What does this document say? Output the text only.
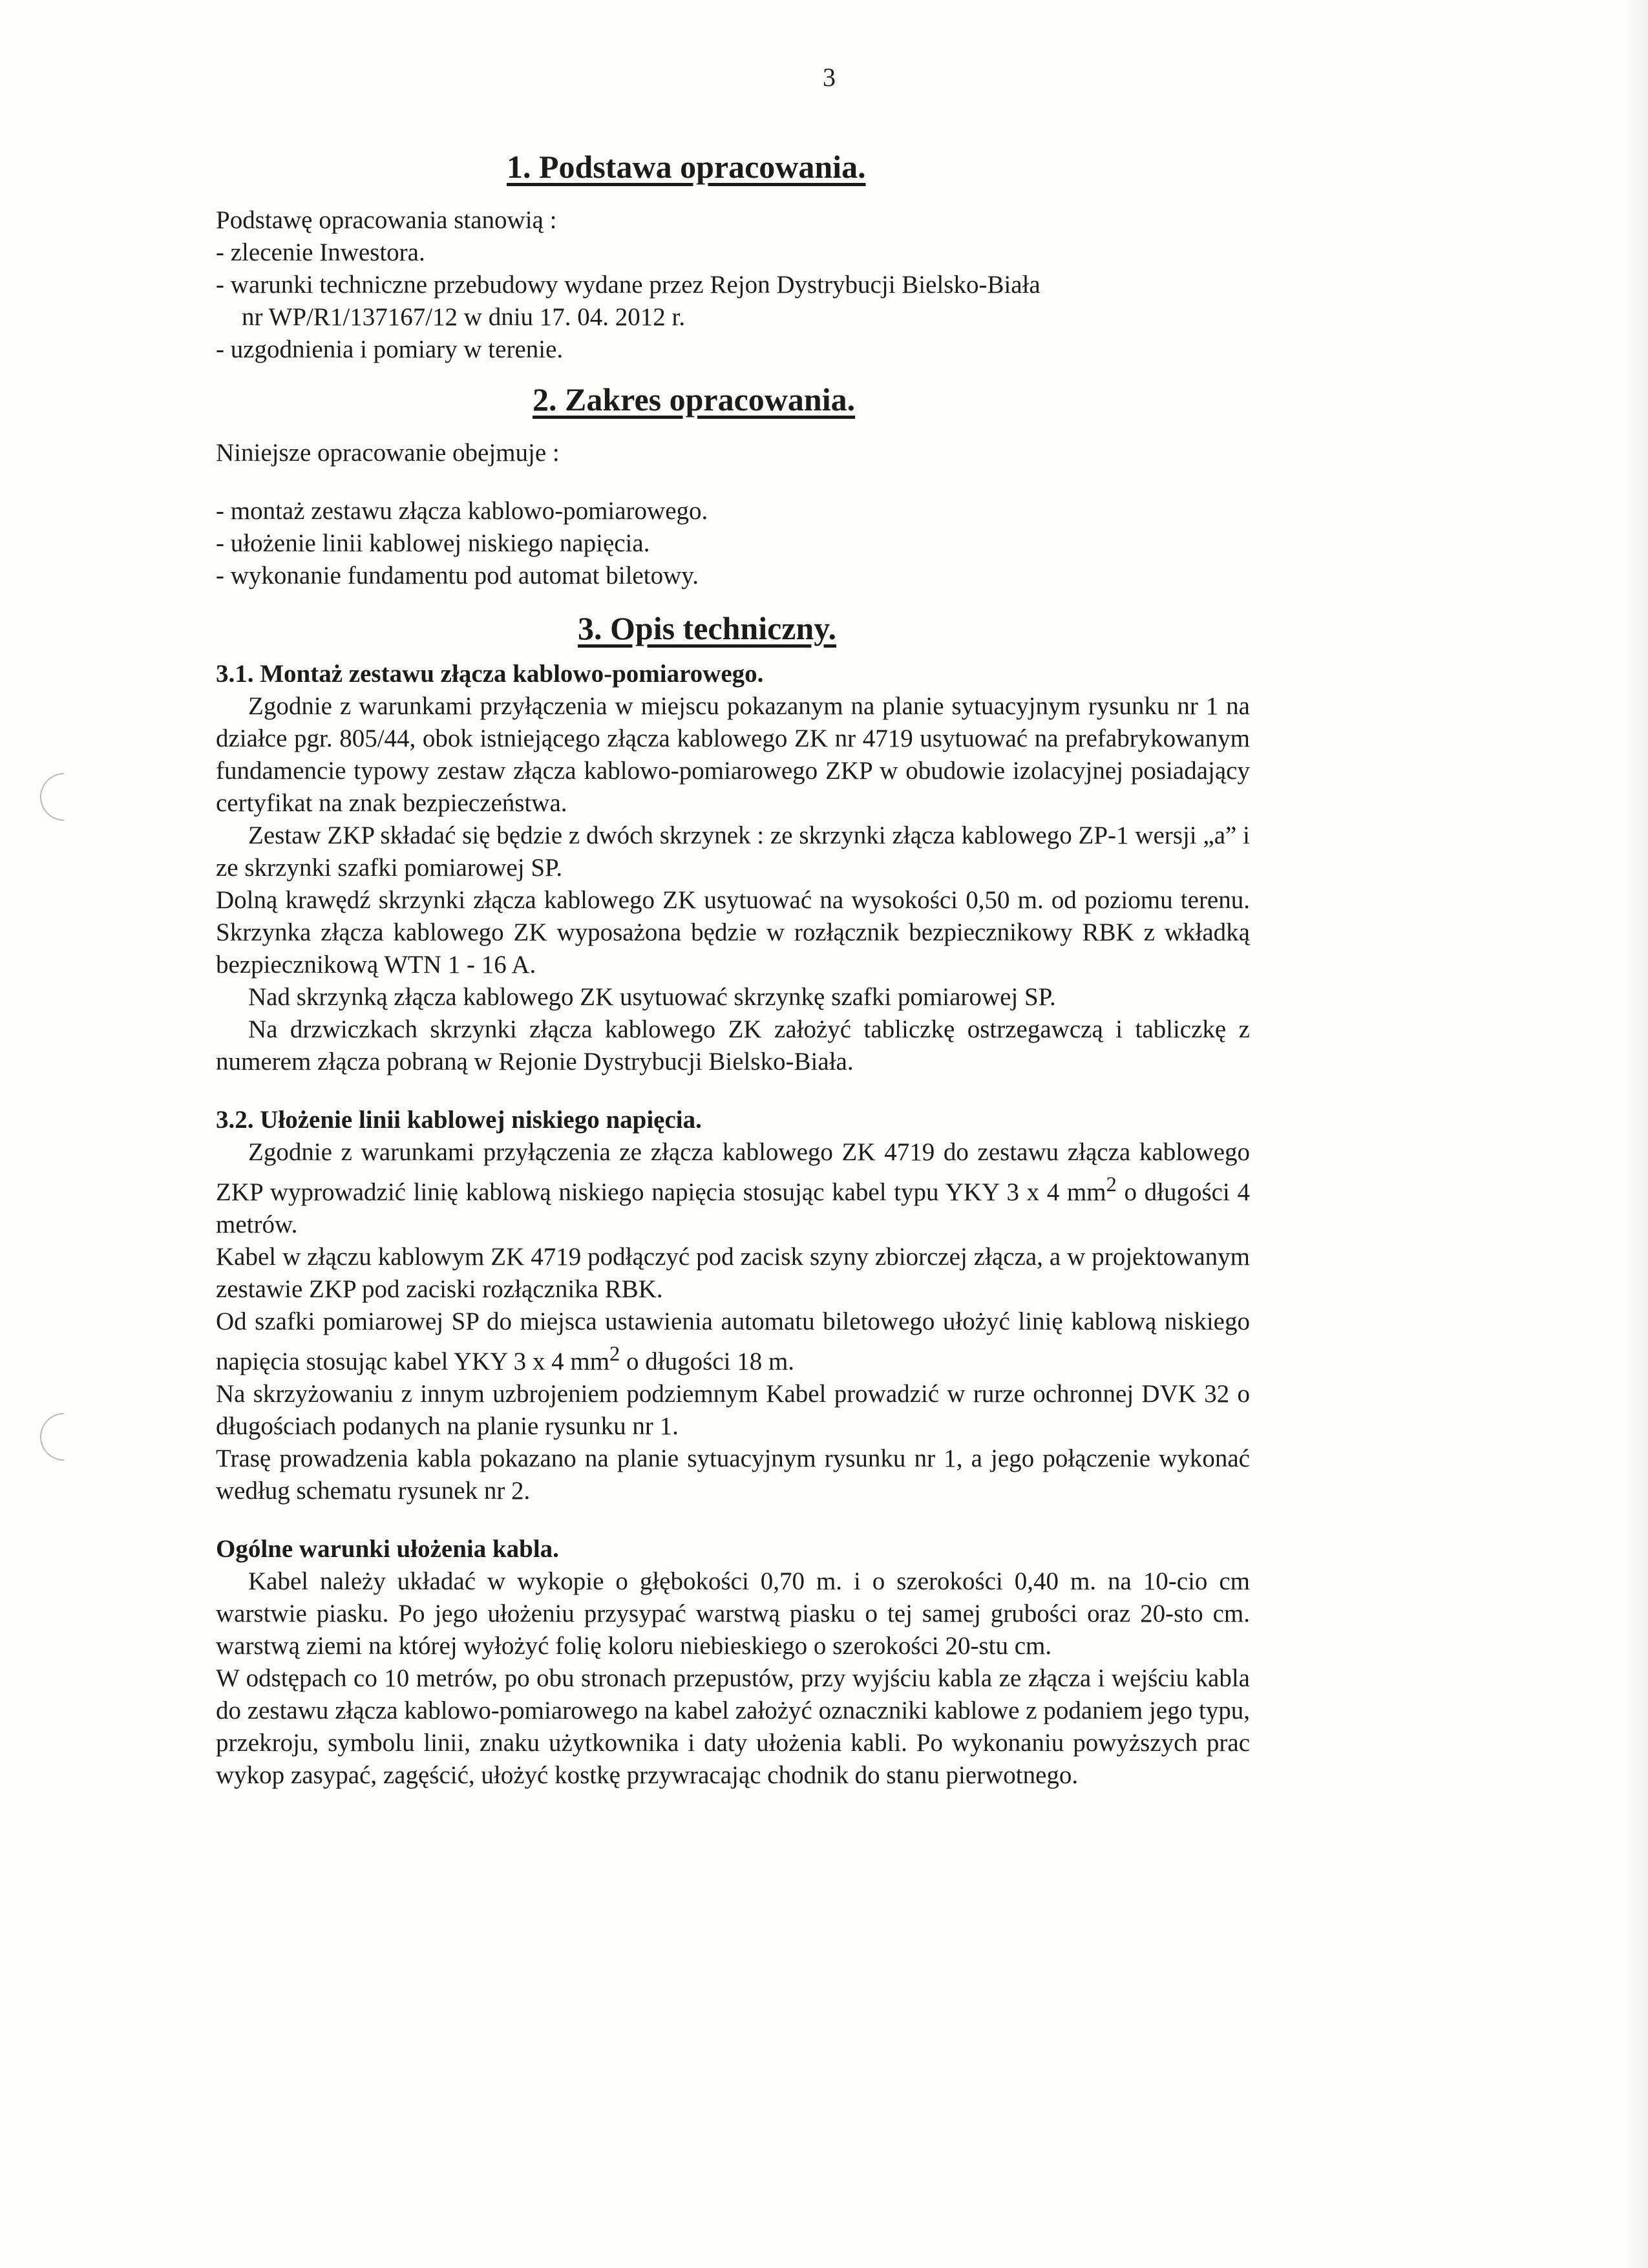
3
1. Podstawa opracowania.

Podstawę opracowania stanowią :

- zlecenie Inwestora.

- warunki techniczne przebudowy wydane przez Rejon Dystrybucji Bielsko-Biała

nr WP/R1/137167/12 w dniu 17. 04. 2012 r.

- uzgodnienia i pomiary w terenie.

2. Zakres opracowania.

Niniejsze opracowanie obejmuje :

- montaż zestawu złącza kablowo-pomiarowego.

- ułożenie linii kablowej niskiego napięcia.

- wykonanie fundamentu pod automat biletowy.

3. Opis techniczny.

3.1. Montaż zestawu złącza kablowo-pomiarowego.

Zgodnie z warunkami przyłączenia w miejscu pokazanym na planie sytuacyjnym rysunku nr 1 na działce pgr. 805/44, obok istniejącego złącza kablowego ZK nr 4719 usytuować na prefabrykowanym fundamencie typowy zestaw złącza kablowo-pomiarowego ZKP w obudowie izolacyjnej posiadający certyfikat na znak bezpieczeństwa.

Zestaw ZKP składać się będzie z dwóch skrzynek : ze skrzynki złącza kablowego ZP-1 wersji „a” i ze skrzynki szafki pomiarowej SP.

Dolną krawędź skrzynki złącza kablowego ZK usytuować na wysokości 0,50 m. od poziomu terenu. Skrzynka złącza kablowego ZK wyposażona będzie w rozłącznik bezpiecznikowy RBK z wkładką bezpiecznikową WTN 1 - 16 A.

Nad skrzynką złącza kablowego ZK usytuować skrzynkę szafki pomiarowej SP.

Na drzwiczkach skrzynki złącza kablowego ZK założyć tabliczkę ostrzegawczą i tabliczkę z numerem złącza pobraną w Rejonie Dystrybucji Bielsko-Biała.

3.2. Ułożenie linii kablowej niskiego napięcia.

Zgodnie z warunkami przyłączenia ze złącza kablowego ZK 4719 do zestawu złącza kablowego ZKP wyprowadzić linię kablową niskiego napięcia stosując kabel typu YKY 3 x 4 $mm^2$ o długości 4 metrów.

Kabel w złączu kablowym ZK 4719 podłączyć pod zacisk szyny zbiorczej złącza, a w projektowanym zestawie ZKP pod zaciski rozłącznika RBK.

Od szafki pomiarowej SP do miejsca ustawienia automatu biletowego ułożyć linię kablową niskiego napięcia stosując kabel YKY 3 x 4 $mm^2$ o długości 18 m.

Na skrzyżowaniu z innym uzbrojeniem podziemnym Kabel prowadzić w rurze ochronnej DVK 32 o długościach podanych na planie rysunku nr 1.

Trasę prowadzenia kabla pokazano na planie sytuacyjnym rysunku nr 1, a jego połączenie wykonać według schematu rysunek nr 2.

Ogólne warunki ułożenia kabla.

Kabel należy układać w wykopie o głębokości 0,70 m. i o szerokości 0,40 m. na 10-cio cm warstwie piasku. Po jego ułożeniu przysypać warstwą piasku o tej samej grubości oraz 20-sto cm. warstwą ziemi na której wyłożyć folię koloru niebieskiego o szerokości 20-stu cm.

W odstępach co 10 metrów, po obu stronach przepustów, przy wyjściu kabla ze złącza i wejściu kabla do zestawu złącza kablowo-pomiarowego na kabel założyć oznaczniki kablowe z podaniem jego typu, przekroju, symbolu linii, znaku użytkownika i daty ułożenia kabli. Po wykonaniu powyższych prac wykop zasypać, zagęścić, ułożyć kostkę przywracając chodnik do stanu pierwotnego.
